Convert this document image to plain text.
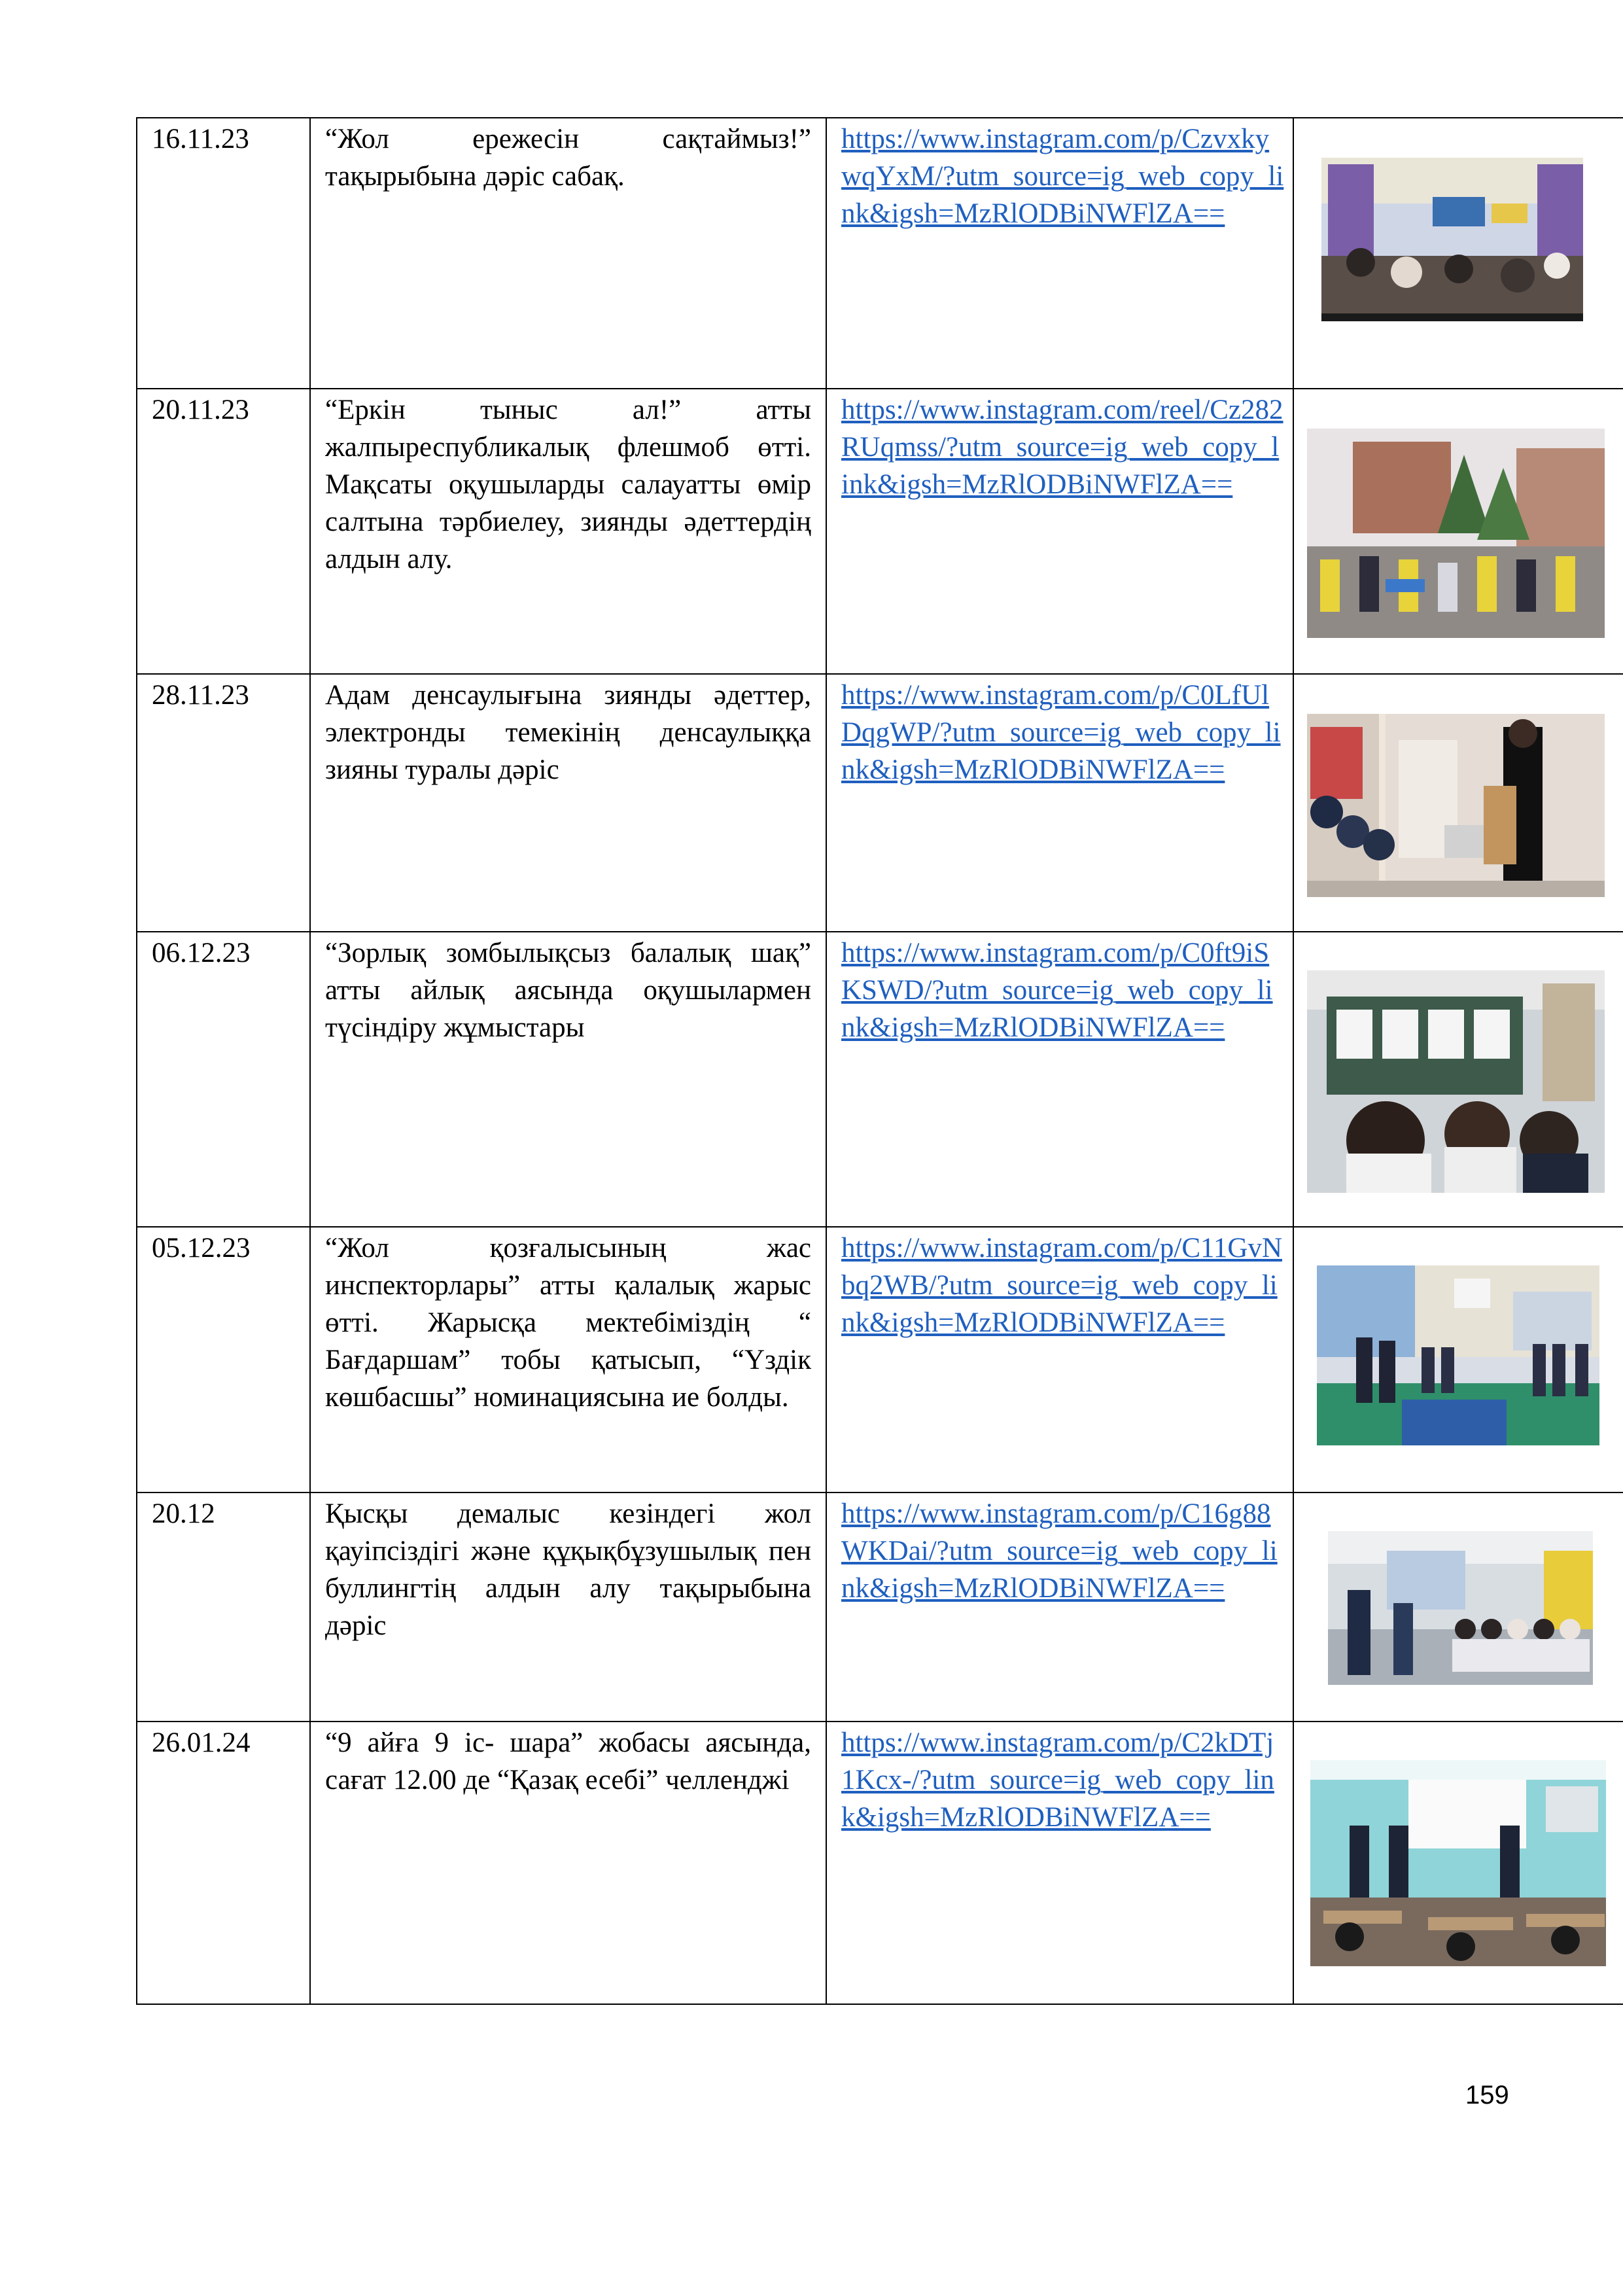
16.11.23	“Жол ережесін сақтаймыз!” тақырыбына дәріс сабақ.	https://www.instagram.com/p/CzvxkywqYxM/?utm_source=ig_web_copy_link&igsh=MzRlODBiNWFlZA==	

20.11.23	“Еркін тыныс ал!” атты жалпыреспубликалық флешмоб өтті. Мақсаты оқушыларды салауатты өмір салтына тәрбиелеу, зиянды әдеттердің алдын алу.	https://www.instagram.com/reel/Cz282RUqmss/?utm_source=ig_web_copy_link&igsh=MzRlODBiNWFlZA==	

28.11.23	Адам денсаулығына зиянды әдеттер, электронды темекінің денсаулыққа зияны туралы дәріс	https://www.instagram.com/p/C0LfUlDqgWP/?utm_source=ig_web_copy_link&igsh=MzRlODBiNWFlZA==	

06.12.23	“Зорлық зомбылықсыз балалық шақ” атты айлық аясында оқушылармен түсіндіру жұмыстары	https://www.instagram.com/p/C0ft9iSKSWD/?utm_source=ig_web_copy_link&igsh=MzRlODBiNWFlZA==	

05.12.23	“Жол қозғалысының жас инспекторлары” атты қалалық жарыс өтті. Жарысқа мектебіміздің “ Бағдаршам” тобы қатысып, “Үздік көшбасшы” номинациясына ие болды.	https://www.instagram.com/p/C11GvNbq2WB/?utm_source=ig_web_copy_link&igsh=MzRlODBiNWFlZA==	

20.12	Қысқы демалыс кезіндегі жол қауіпсіздігі және құқықбұзушылық пен буллингтің алдын алу тақырыбына дәріс	https://www.instagram.com/p/C16g88WKDai/?utm_source=ig_web_copy_link&igsh=MzRlODBiNWFlZA==	

26.01.24	“9 айға 9 іс- шара” жобасы аясында, сағат 12.00 де “Қазақ есебі” челленджі	https://www.instagram.com/p/C2kDTj1Kcx-/?utm_source=ig_web_copy_link&igsh=MzRlODBiNWFlZA==	
159
